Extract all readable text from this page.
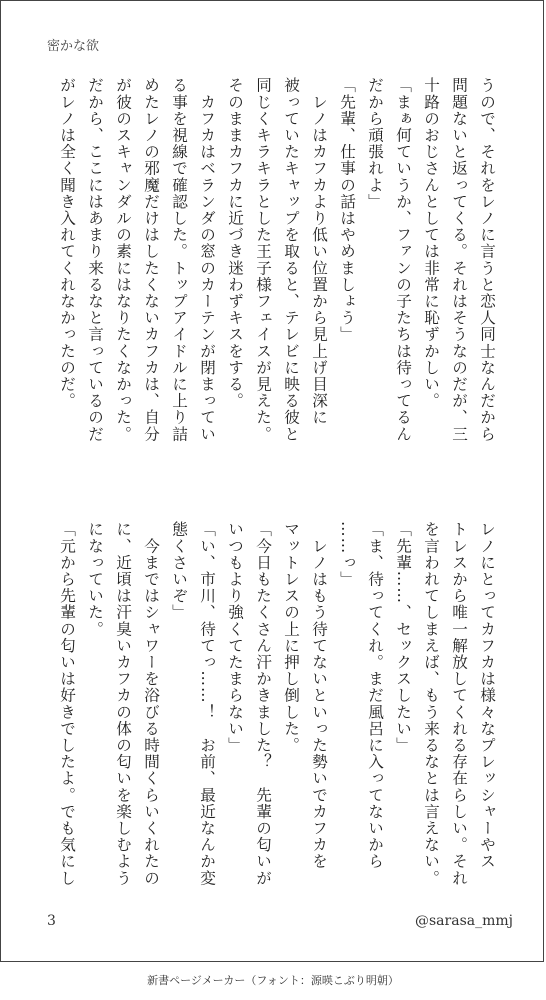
密かな欲

うので、それをレノに言うと恋人同士なんだから

問題ないと返ってくる。それはそうなのだが、三

十路のおじさんとしては非常に恥ずかしい。

「まぁ何ていうか、ファンの子たちは待ってるん

だから頑張れよ」

「先輩、仕事の話はやめましょう」

　レノはカフカより低い位置から見上げ目深に

被っていたキャップを取ると、テレビに映る彼と

同じくキラキラとした王子様フェイスが見えた。

そのままカフカに近づき迷わずキスをする。

　カフカはベランダの窓のカーテンが閉まってい

る事を視線で確認した。トップアイドルに上り詰

めたレノの邪魔だけはしたくないカフカは、自分

が彼のスキャンダルの素にはなりたくなかった。

だから、ここにはあまり来るなと言っているのだ

がレノは全く聞き入れてくれなかったのだ。

レノにとってカフカは様々なプレッシャーやス

トレスから唯一解放してくれる存在らしい。それ

を言われてしまえば、もう来るなとは言えない。

「先輩……、セックスしたい」

「ま、待ってくれ。まだ風呂に入ってないから

……っ」

　レノはもう待てないといった勢いでカフカを

マットレスの上に押し倒した。

「今日もたくさん汗かきました？　先輩の匂いが

いつもより強くてたまらない」

「い、市川、待てっ……！　お前、最近なんか変

態くさいぞ」

　今まではシャワーを浴びる時間くらいくれたの

に、近頃は汗臭いカフカの体の匂いを楽しむよう

になっていた。

「元から先輩の匂いは好きでしたよ。でも気にし

3	@sarasa_mmj
新書ページメーカー（フォント：源暎こぶり明朝）
